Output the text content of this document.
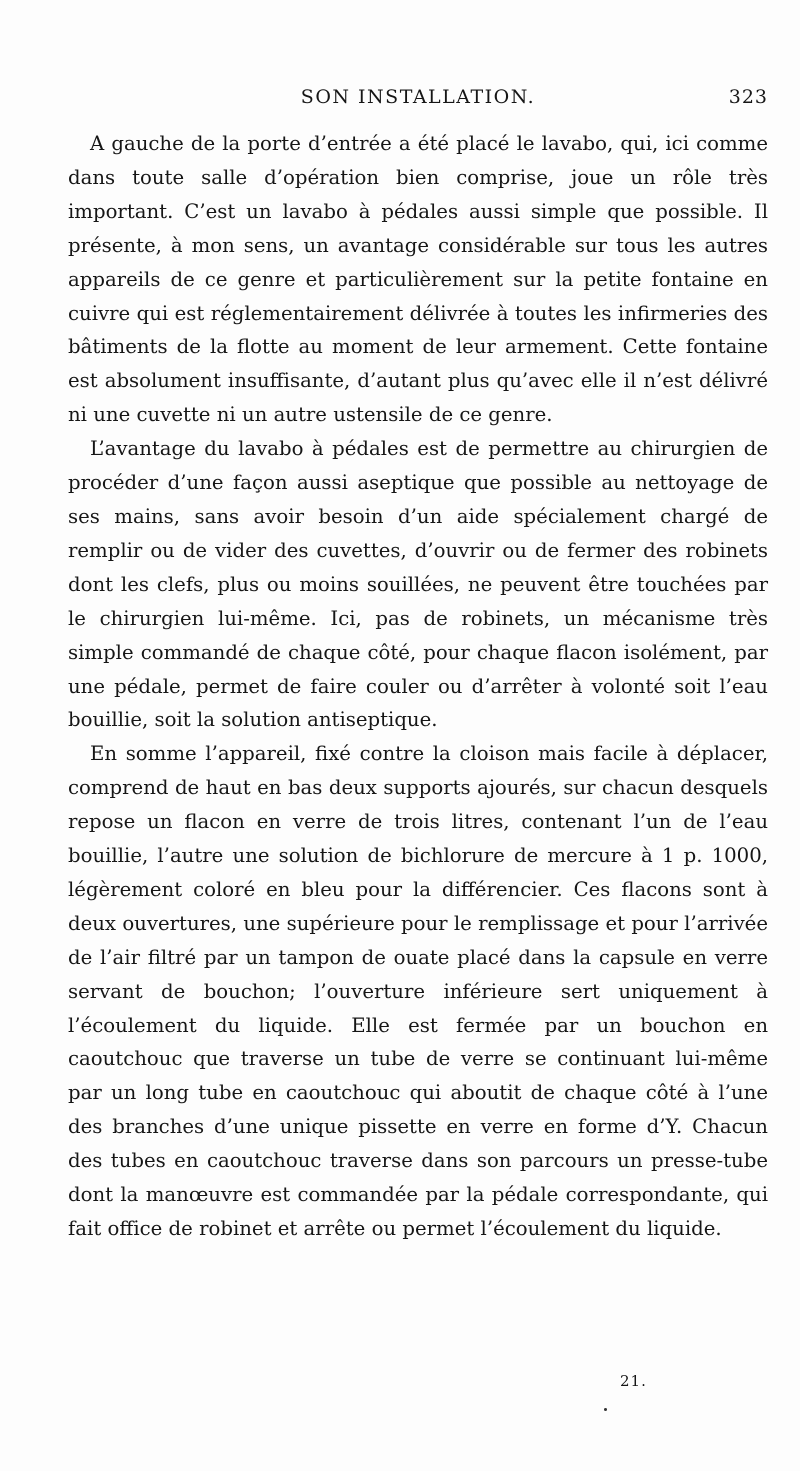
SON INSTALLATION.	323

A gauche de la porte d’entrée a été placé le lavabo, qui, ici comme dans toute salle d’opération bien comprise, joue un rôle très important. C’est un lavabo à pédales aussi simple que possible. Il présente, à mon sens, un avantage considérable sur tous les autres appareils de ce genre et particulièrement sur la petite fontaine en cuivre qui est réglementairement délivrée à toutes les infirmeries des bâtiments de la flotte au moment de leur armement. Cette fontaine est absolument insuffisante, d’autant plus qu’avec elle il n’est délivré ni une cuvette ni un autre ustensile de ce genre.

L’avantage du lavabo à pédales est de permettre au chirurgien de procéder d’une façon aussi aseptique que possible au nettoyage de ses mains, sans avoir besoin d’un aide spécialement chargé de remplir ou de vider des cuvettes, d’ouvrir ou de fermer des robinets dont les clefs, plus ou moins souillées, ne peuvent être touchées par le chirurgien lui-même. Ici, pas de robinets, un mécanisme très simple commandé de chaque côté, pour chaque flacon isolément, par une pédale, permet de faire couler ou d’arrêter à volonté soit l’eau bouillie, soit la solution antiseptique.

En somme l’appareil, fixé contre la cloison mais facile à déplacer, comprend de haut en bas deux supports ajourés, sur chacun desquels repose un flacon en verre de trois litres, contenant l’un de l’eau bouillie, l’autre une solution de bichlorure de mercure à 1 p. 1000, légèrement coloré en bleu pour la différencier. Ces flacons sont à deux ouvertures, une supérieure pour le remplissage et pour l’arrivée de l’air filtré par un tampon de ouate placé dans la capsule en verre servant de bouchon; l’ouverture inférieure sert uniquement à l’écoulement du liquide. Elle est fermée par un bouchon en caoutchouc que traverse un tube de verre se continuant lui-même par un long tube en caoutchouc qui aboutit de chaque côté à l’une des branches d’une unique pissette en verre en forme d’Y. Chacun des tubes en caoutchouc traverse dans son parcours un presse-tube dont la manœuvre est commandée par la pédale correspondante, qui fait office de robinet et arrête ou permet l’écoulement du liquide.

21.
